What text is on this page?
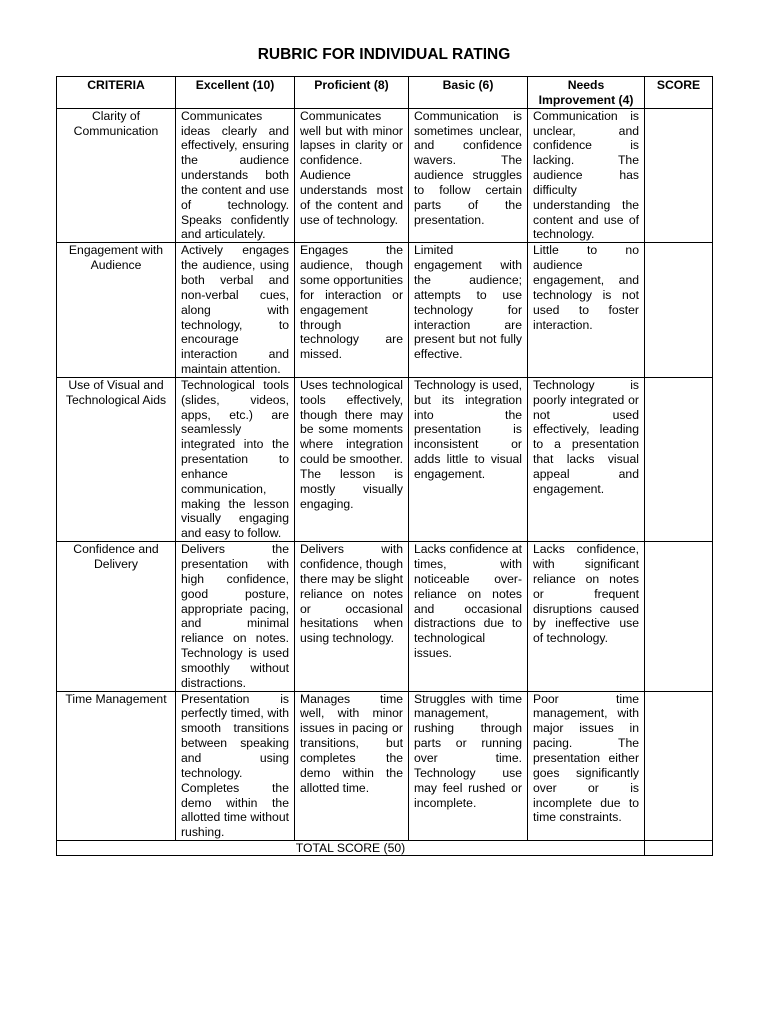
RUBRIC FOR INDIVIDUAL RATING
CRITERIA	Excellent (10)	Proficient (8)	Basic (6)	Needs Improvement (4)	SCORE
Clarity of Communication	Communicates ideas clearly and effectively, ensuring the audience understands both the content and use of technology. Speaks confidently and articulately.	Communicates well but with minor lapses in clarity or confidence. Audience understands most of the content and use of technology.	Communication is sometimes unclear, and confidence wavers. The audience struggles to follow certain parts of the presentation.	Communication is unclear, and confidence is lacking. The audience has difficulty understanding the content and use of technology.	
Engagement with Audience	Actively engages the audience, using both verbal and non-verbal cues, along with technology, to encourage interaction and maintain attention.	Engages the audience, though some opportunities for interaction or engagement through technology are missed.	Limited engagement with the audience; attempts to use technology for interaction are present but not fully effective.	Little to no audience engagement, and technology is not used to foster interaction.	
Use of Visual and Technological Aids	Technological tools (slides, videos, apps, etc.) are seamlessly integrated into the presentation to enhance communication, making the lesson visually engaging and easy to follow.	Uses technological tools effectively, though there may be some moments where integration could be smoother. The lesson is mostly visually engaging.	Technology is used, but its integration into the presentation is inconsistent or adds little to visual engagement.	Technology is poorly integrated or not used effectively, leading to a presentation that lacks visual appeal and engagement.	
Confidence and Delivery	Delivers the presentation with high confidence, good posture, appropriate pacing, and minimal reliance on notes. Technology is used smoothly without distractions.	Delivers with confidence, though there may be slight reliance on notes or occasional hesitations when using technology.	Lacks confidence at times, with noticeable over-reliance on notes and occasional distractions due to technological issues.	Lacks confidence, with significant reliance on notes or frequent disruptions caused by ineffective use of technology.	
Time Management	Presentation is perfectly timed, with smooth transitions between speaking and using technology. Completes the demo within the allotted time without rushing.	Manages time well, with minor issues in pacing or transitions, but completes the demo within the allotted time.	Struggles with time management, rushing through parts or running over time. Technology use may feel rushed or incomplete.	Poor time management, with major issues in pacing. The presentation either goes significantly over or is incomplete due to time constraints.	
TOTAL SCORE (50)					
